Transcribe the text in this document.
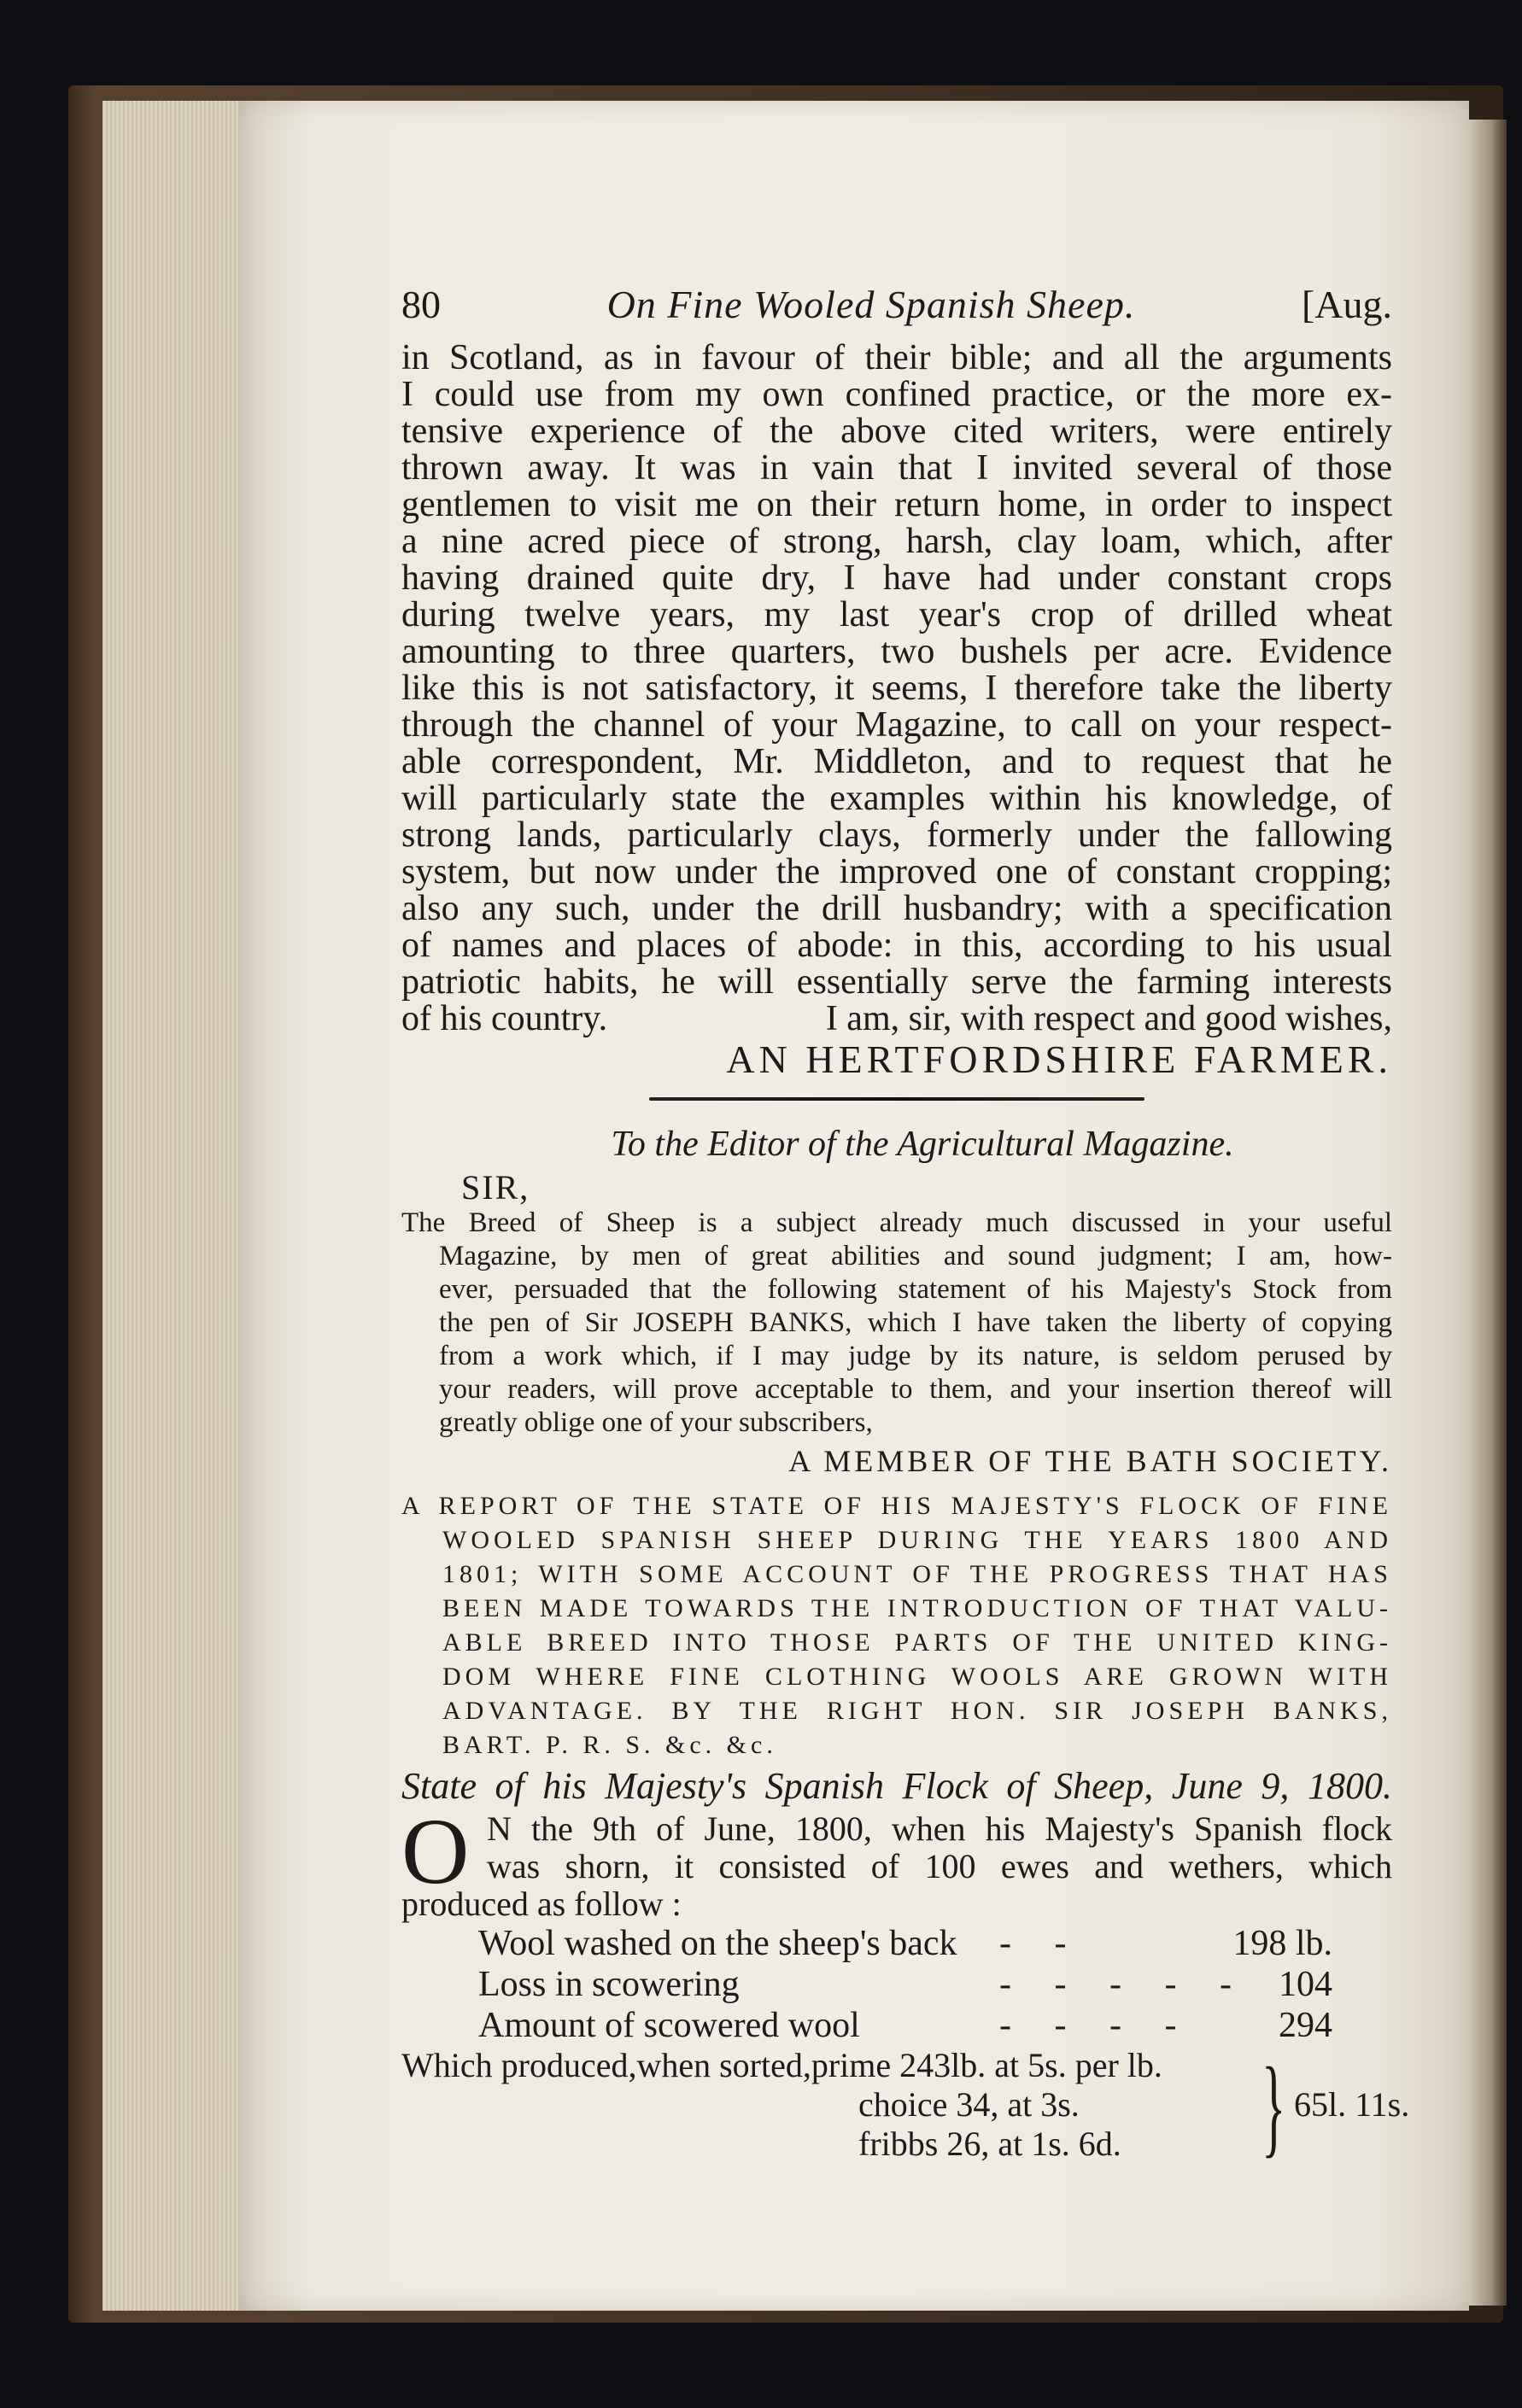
80	On Fine Wooled Spanish Sheep.	[Aug.
in Scotland, as in favour of their bible; and all the arguments
I could use from my own confined practice, or the more ex-
tensive experience of the above cited writers, were entirely
thrown away. It was in vain that I invited several of those
gentlemen to visit me on their return home, in order to inspect
a nine acred piece of strong, harsh, clay loam, which, after
having drained quite dry, I have had under constant crops
during twelve years, my last year's crop of drilled wheat
amounting to three quarters, two bushels per acre. Evidence
like this is not satisfactory, it seems, I therefore take the liberty
through the channel of your Magazine, to call on your respect-
able correspondent, Mr. Middleton, and to request that he
will particularly state the examples within his knowledge, of
strong lands, particularly clays, formerly under the fallowing
system, but now under the improved one of constant cropping;
also any such, under the drill husbandry; with a specification
of names and places of abode: in this, according to his usual
patriotic habits, he will essentially serve the farming interests
of his country.	I am, sir, with respect and good wishes,
AN HERTFORDSHIRE FARMER.
To the Editor of the Agricultural Magazine.
SIR,
The Breed of Sheep is a subject already much discussed in your useful
Magazine, by men of great abilities and sound judgment; I am, how-
ever, persuaded that the following statement of his Majesty's Stock from
the pen of Sir JOSEPH BANKS, which I have taken the liberty of copying
from a work which, if I may judge by its nature, is seldom perused by
your readers, will prove acceptable to them, and your insertion thereof will
greatly oblige one of your subscribers,
A MEMBER OF THE BATH SOCIETY.
A REPORT OF THE STATE OF HIS MAJESTY'S FLOCK OF FINE
WOOLED SPANISH SHEEP DURING THE YEARS 1800 AND
1801; WITH SOME ACCOUNT OF THE PROGRESS THAT HAS
BEEN MADE TOWARDS THE INTRODUCTION OF THAT VALU-
ABLE BREED INTO THOSE PARTS OF THE UNITED KING-
DOM WHERE FINE CLOTHING WOOLS ARE GROWN WITH
ADVANTAGE. BY THE RIGHT HON. SIR JOSEPH BANKS,
BART. P. R. S. &c. &c.
State of his Majesty's Spanish Flock of Sheep, June 9, 1800.
O N the 9th of June, 1800, when his Majesty's Spanish flock
was shorn, it consisted of 100 ewes and wethers, which
produced as follow :
Wool washed on the sheep's back	- -	198 lb.
Loss in scowering	- - - - - 104
Amount of scowered wool	- - - -	294
Which produced,when sorted,prime 243lb. at 5s. per lb.
choice 34, at 3s.
fribbs 26, at 1s. 6d.	} 65l. 11s.
